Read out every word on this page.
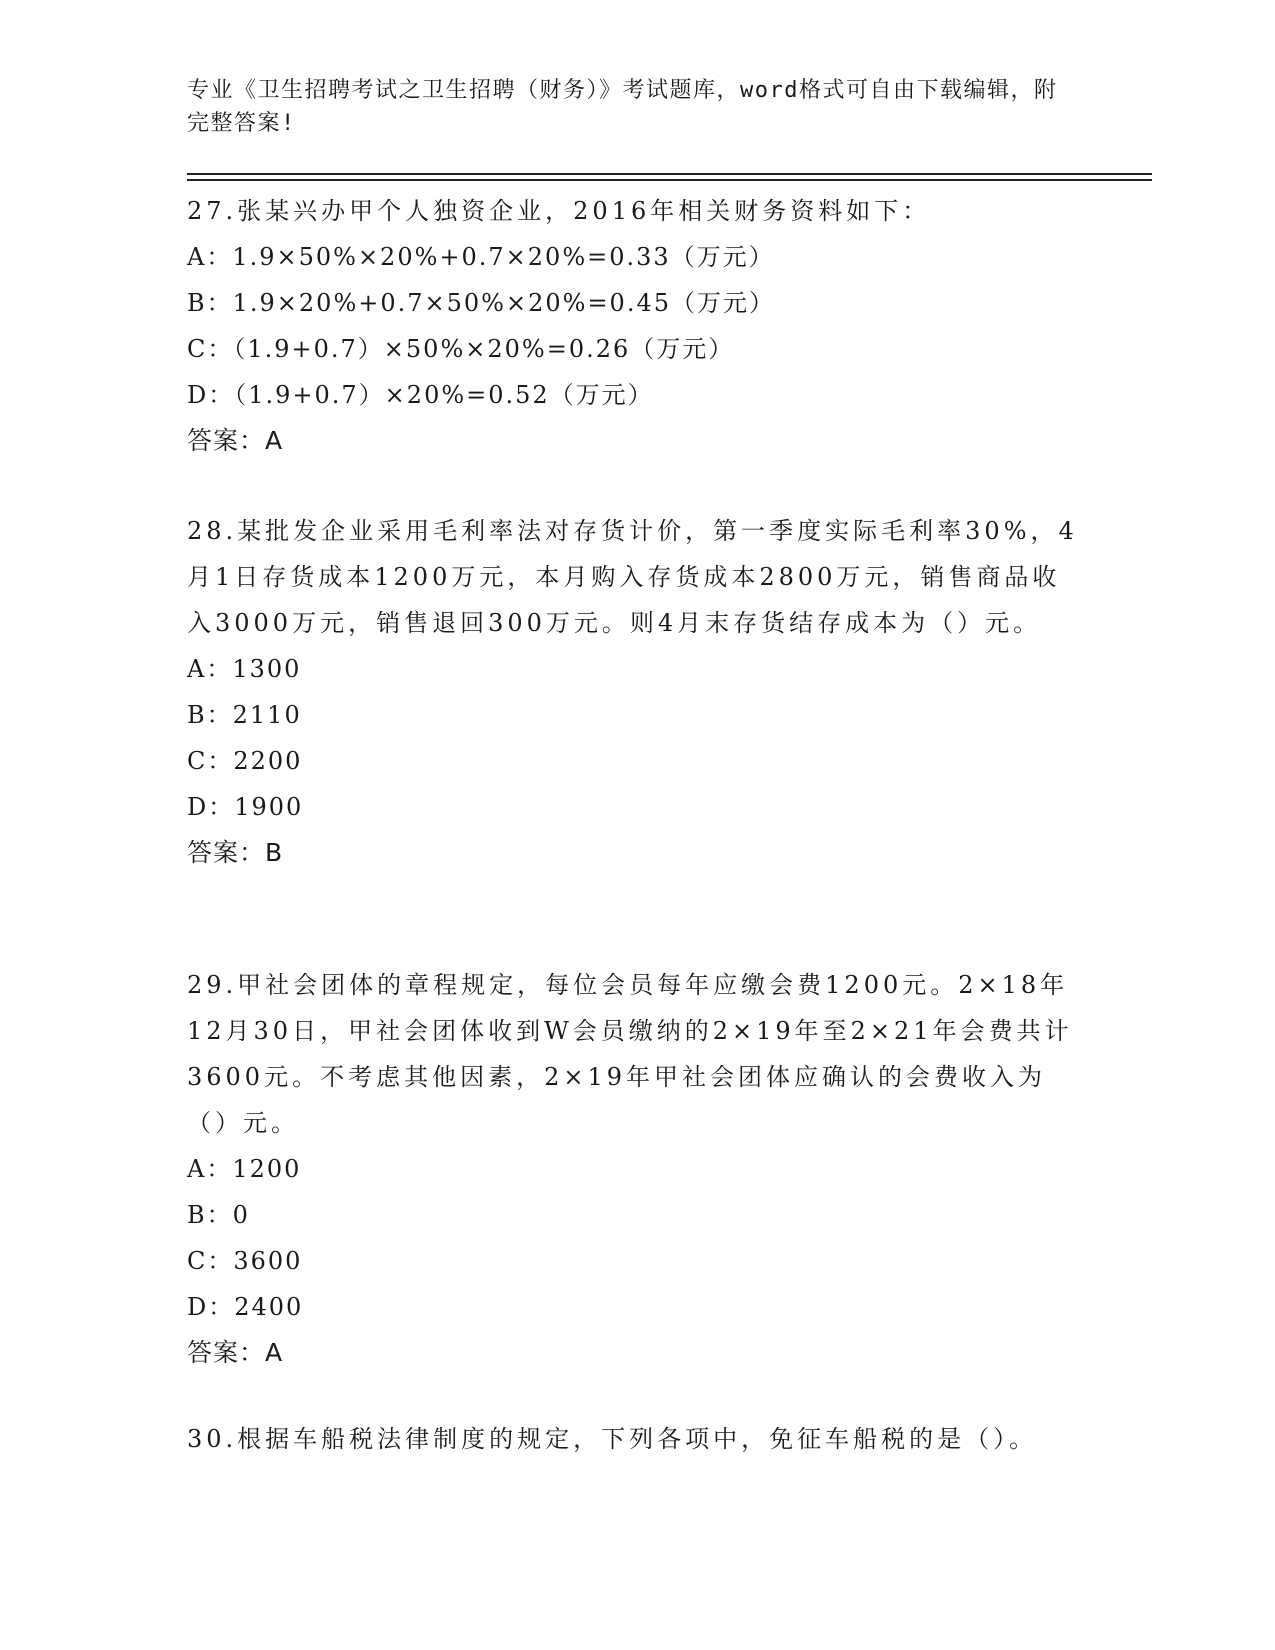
专业《卫生招聘考试之卫生招聘（财务）》考试题库，word格式可自由下载编辑，附完整答案!

27.张某兴办甲个人独资企业，2016年相关财务资料如下：

A：1.9×50%×20%+0.7×20%=0.33（万元）

B：1.9×20%+0.7×50%×20%=0.45（万元）

C：（1.9+0.7）×50%×20%=0.26（万元）

D：（1.9+0.7）×20%=0.52（万元）

答案：A

28.某批发企业采用毛利率法对存货计价，第一季度实际毛利率30%，4月1日存货成本1200万元，本月购入存货成本2800万元，销售商品收入3000万元，销售退回300万元。则4月末存货结存成本为（）元。

A：1300

B：2110

C：2200

D：1900

答案：B

29.甲社会团体的章程规定，每位会员每年应缴会费1200元。2×18年12月30日，甲社会团体收到W会员缴纳的2×19年至2×21年会费共计3600元。不考虑其他因素，2×19年甲社会团体应确认的会费收入为（）元。

A：1200

B：0

C：3600

D：2400

答案：A

30.根据车船税法律制度的规定，下列各项中，免征车船税的是（）。
